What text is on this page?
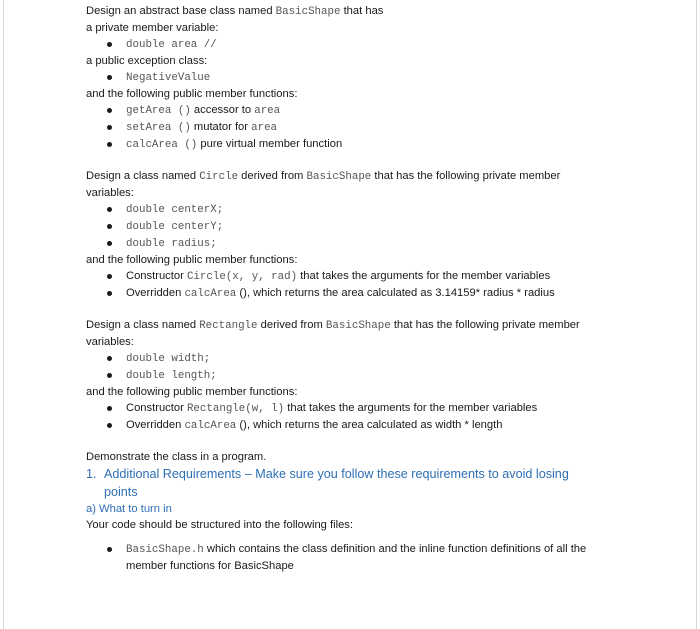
Design an abstract base class named BasicShape that has
a private member variable:
double area //
a public exception class:
NegativeValue
and the following public member functions:
getArea () accessor to area
setArea () mutator for area
calcArea () pure virtual member function
Design a class named Circle derived from BasicShape that has the following private member
variables:
double centerX;
double centerY;
double radius;
and the following public member functions:
Constructor Circle(x, y, rad) that takes the arguments for the member variables
Overridden calcArea (), which returns the area calculated as 3.14159* radius * radius
Design a class named Rectangle derived from BasicShape that has the following private member
variables:
double width;
double length;
and the following public member functions:
Constructor Rectangle(w, l) that takes the arguments for the member variables
Overridden calcArea (), which returns the area calculated as width * length
Demonstrate the class in a program.
1. Additional Requirements – Make sure you follow these requirements to avoid losing
points
a) What to turn in
Your code should be structured into the following files:
BasicShape.h which contains the class definition and the inline function definitions of all the
member functions for BasicShape
